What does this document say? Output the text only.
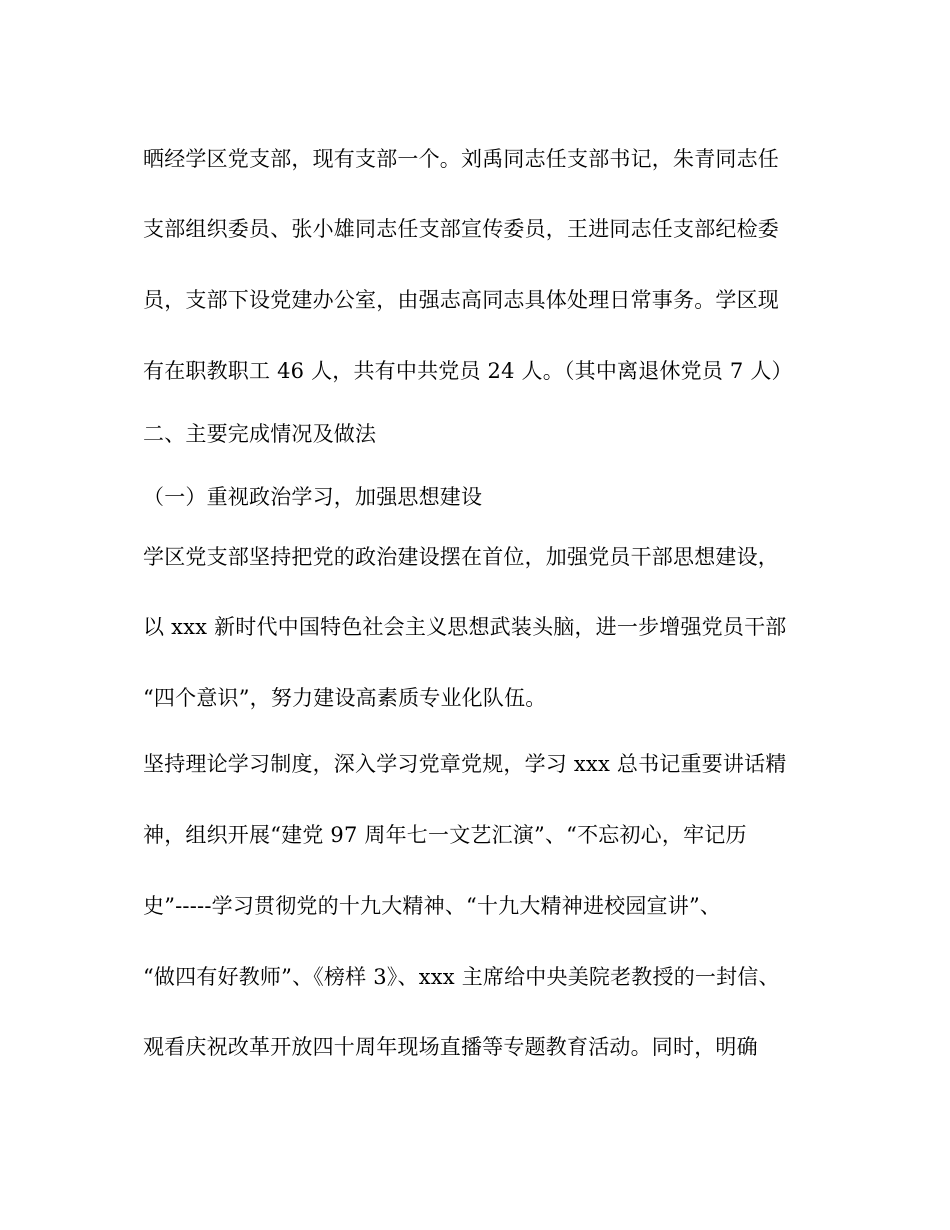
晒经学区党支部，现有支部一个。刘禹同志任支部书记，朱青同志任
支部组织委员、张小雄同志任支部宣传委员，王进同志任支部纪检委
员，支部下设党建办公室，由强志高同志具体处理日常事务。学区现
有在职教职工 46 人，共有中共党员 24 人。（其中离退休党员 7 人）
二、主要完成情况及做法
（一）重视政治学习，加强思想建设
学区党支部坚持把党的政治建设摆在首位，加强党员干部思想建设，
以 xxx 新时代中国特色社会主义思想武装头脑，进一步增强党员干部
“四个意识”，努力建设高素质专业化队伍。
坚持理论学习制度，深入学习党章党规，学习 xxx 总书记重要讲话精
神，组织开展“建党 97 周年七一文艺汇演”、“不忘初心，牢记历
史”-----学习贯彻党的十九大精神、“十九大精神进校园宣讲”、
“做四有好教师”、《榜样 3》、xxx 主席给中央美院老教授的一封信、
观看庆祝改革开放四十周年现场直播等专题教育活动。同时，明确
